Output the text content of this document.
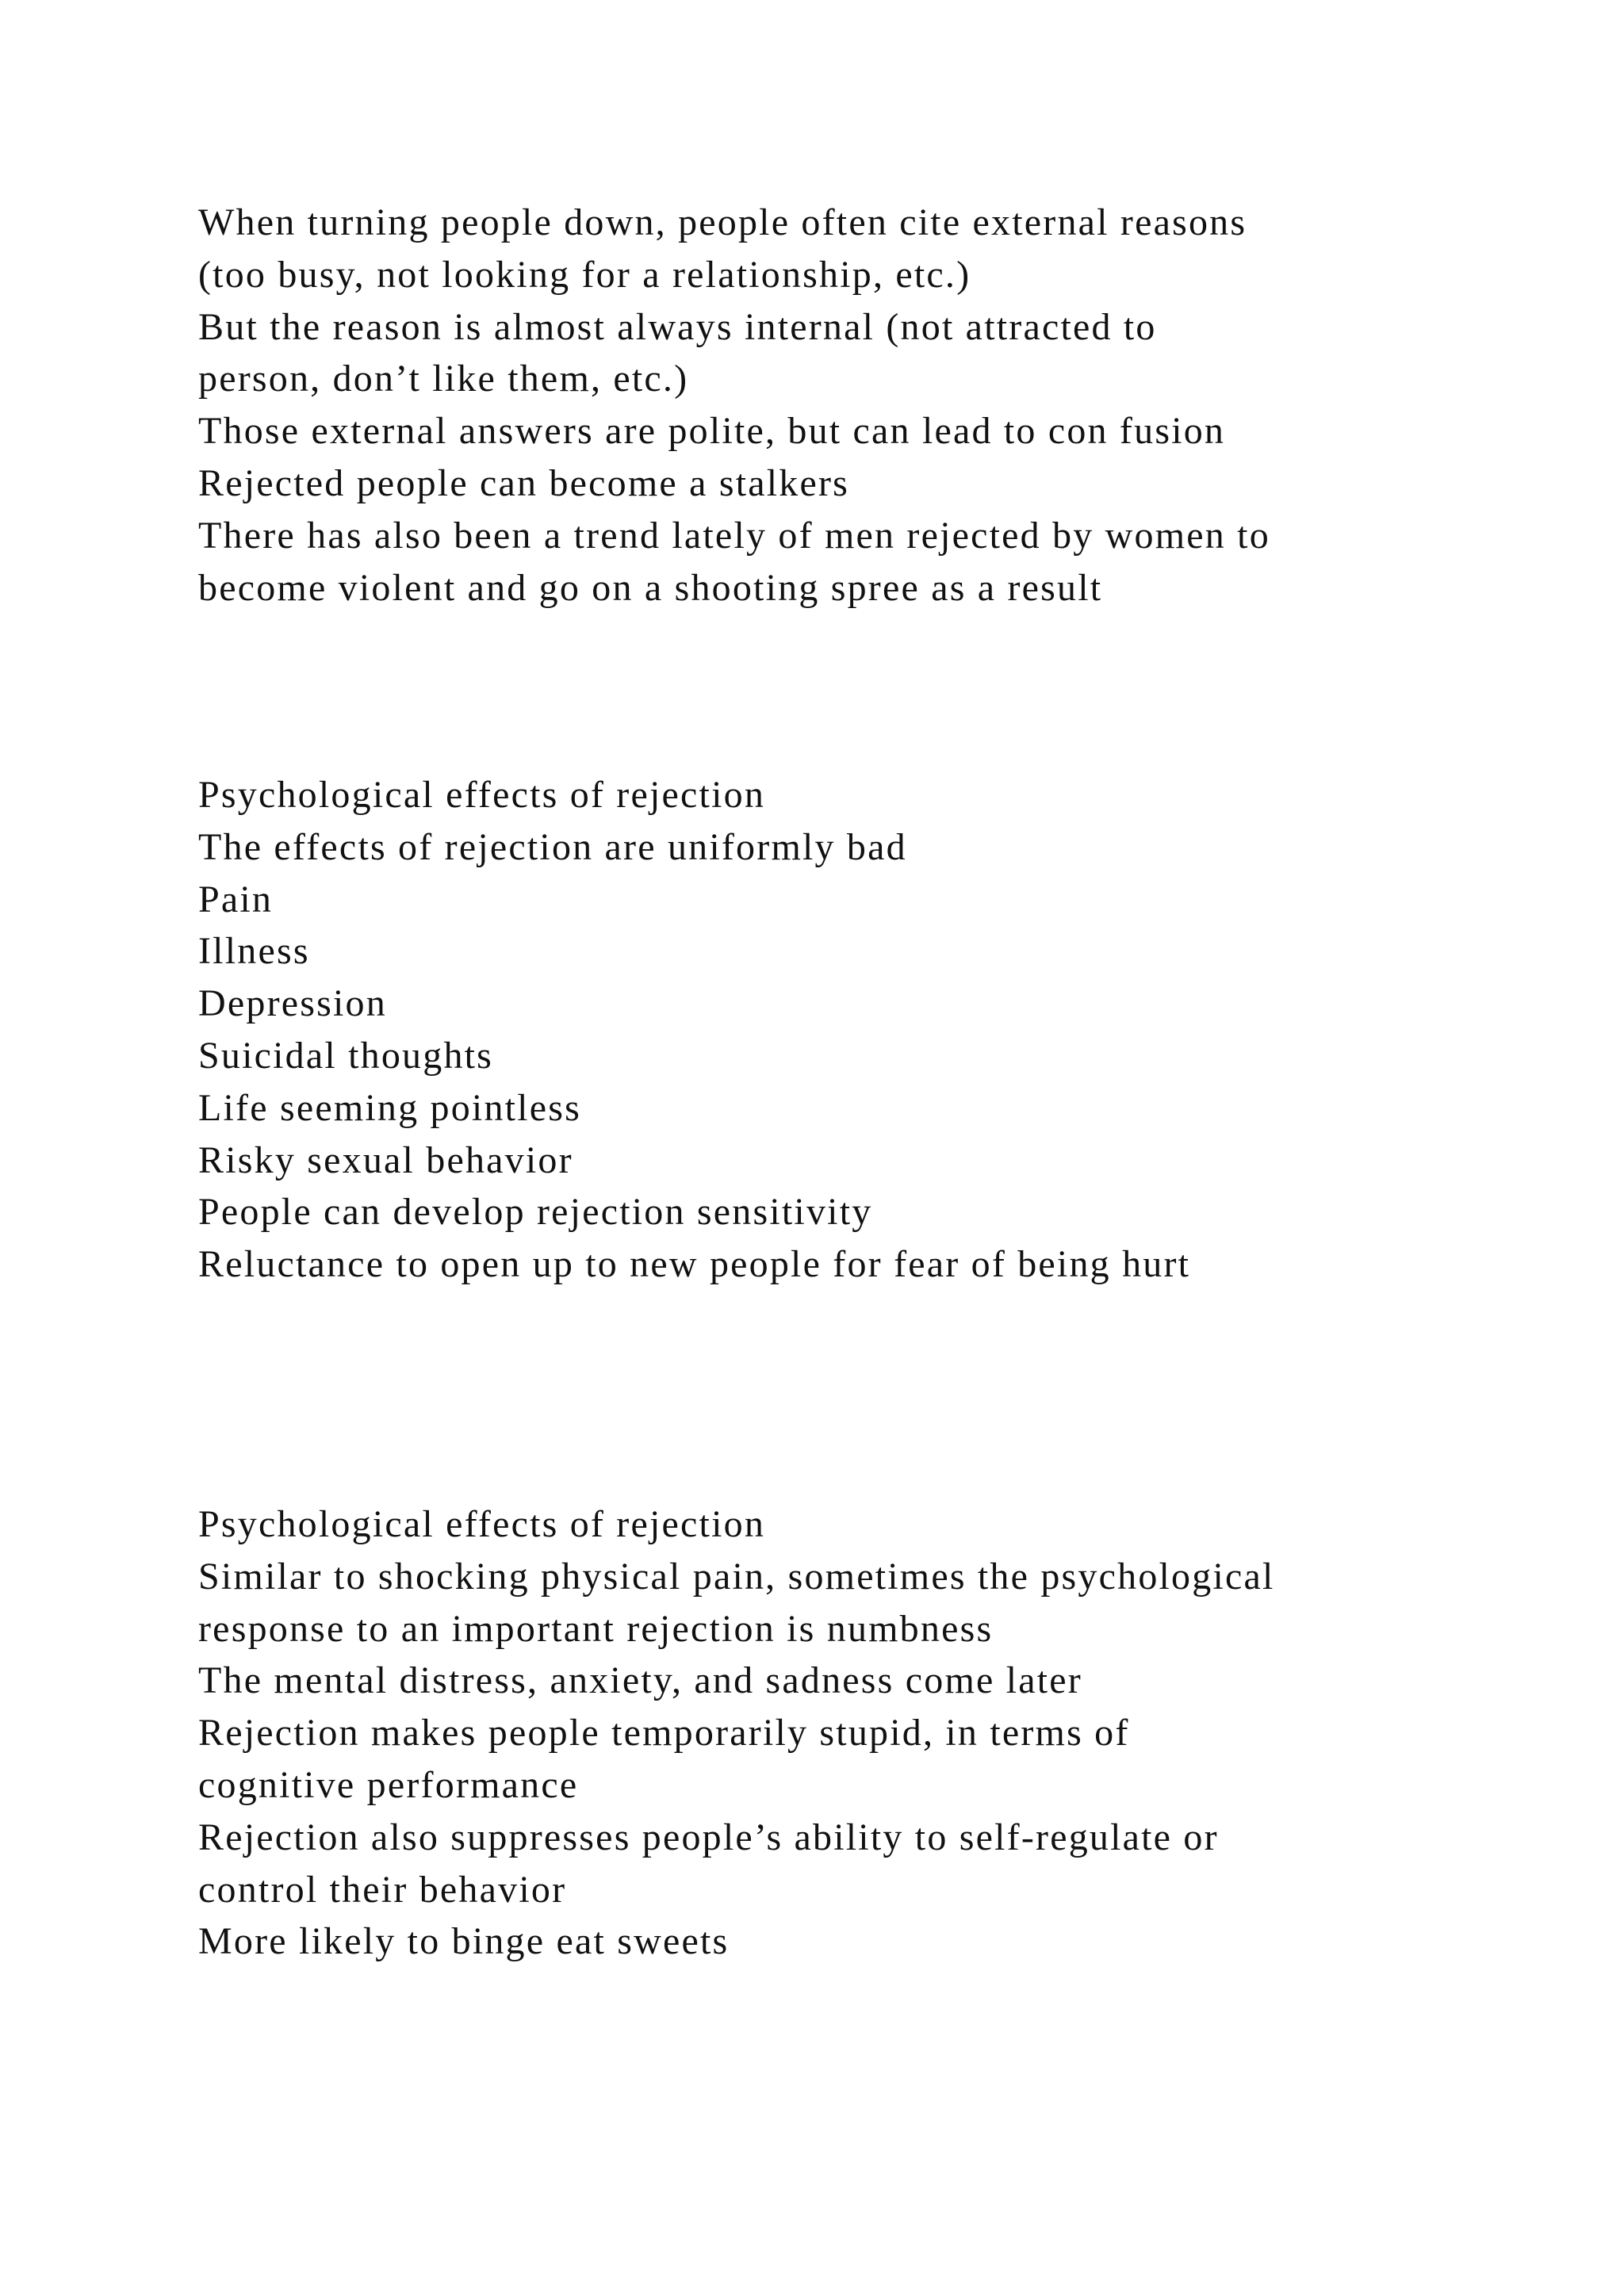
When turning people down, people often cite external reasons
(too busy, not looking for a relationship, etc.)
But the reason is almost always internal (not attracted to
person, don’t like them, etc.)
Those external answers are polite, but can lead to con fusion
Rejected people can become a stalkers
There has also been a trend lately of men rejected by women to
become violent and go on a shooting spree as a result
Psychological effects of rejection
The effects of rejection are uniformly bad
Pain
Illness
Depression
Suicidal thoughts
Life seeming pointless
Risky sexual behavior
People can develop rejection sensitivity
Reluctance to open up to new people for fear of being hurt
Psychological effects of rejection
Similar to shocking physical pain, sometimes the psychological
response to an important rejection is numbness
The mental distress, anxiety, and sadness come later
Rejection makes people temporarily stupid, in terms of
cognitive performance
Rejection also suppresses people’s ability to self-regulate or
control their behavior
More likely to binge eat sweets
